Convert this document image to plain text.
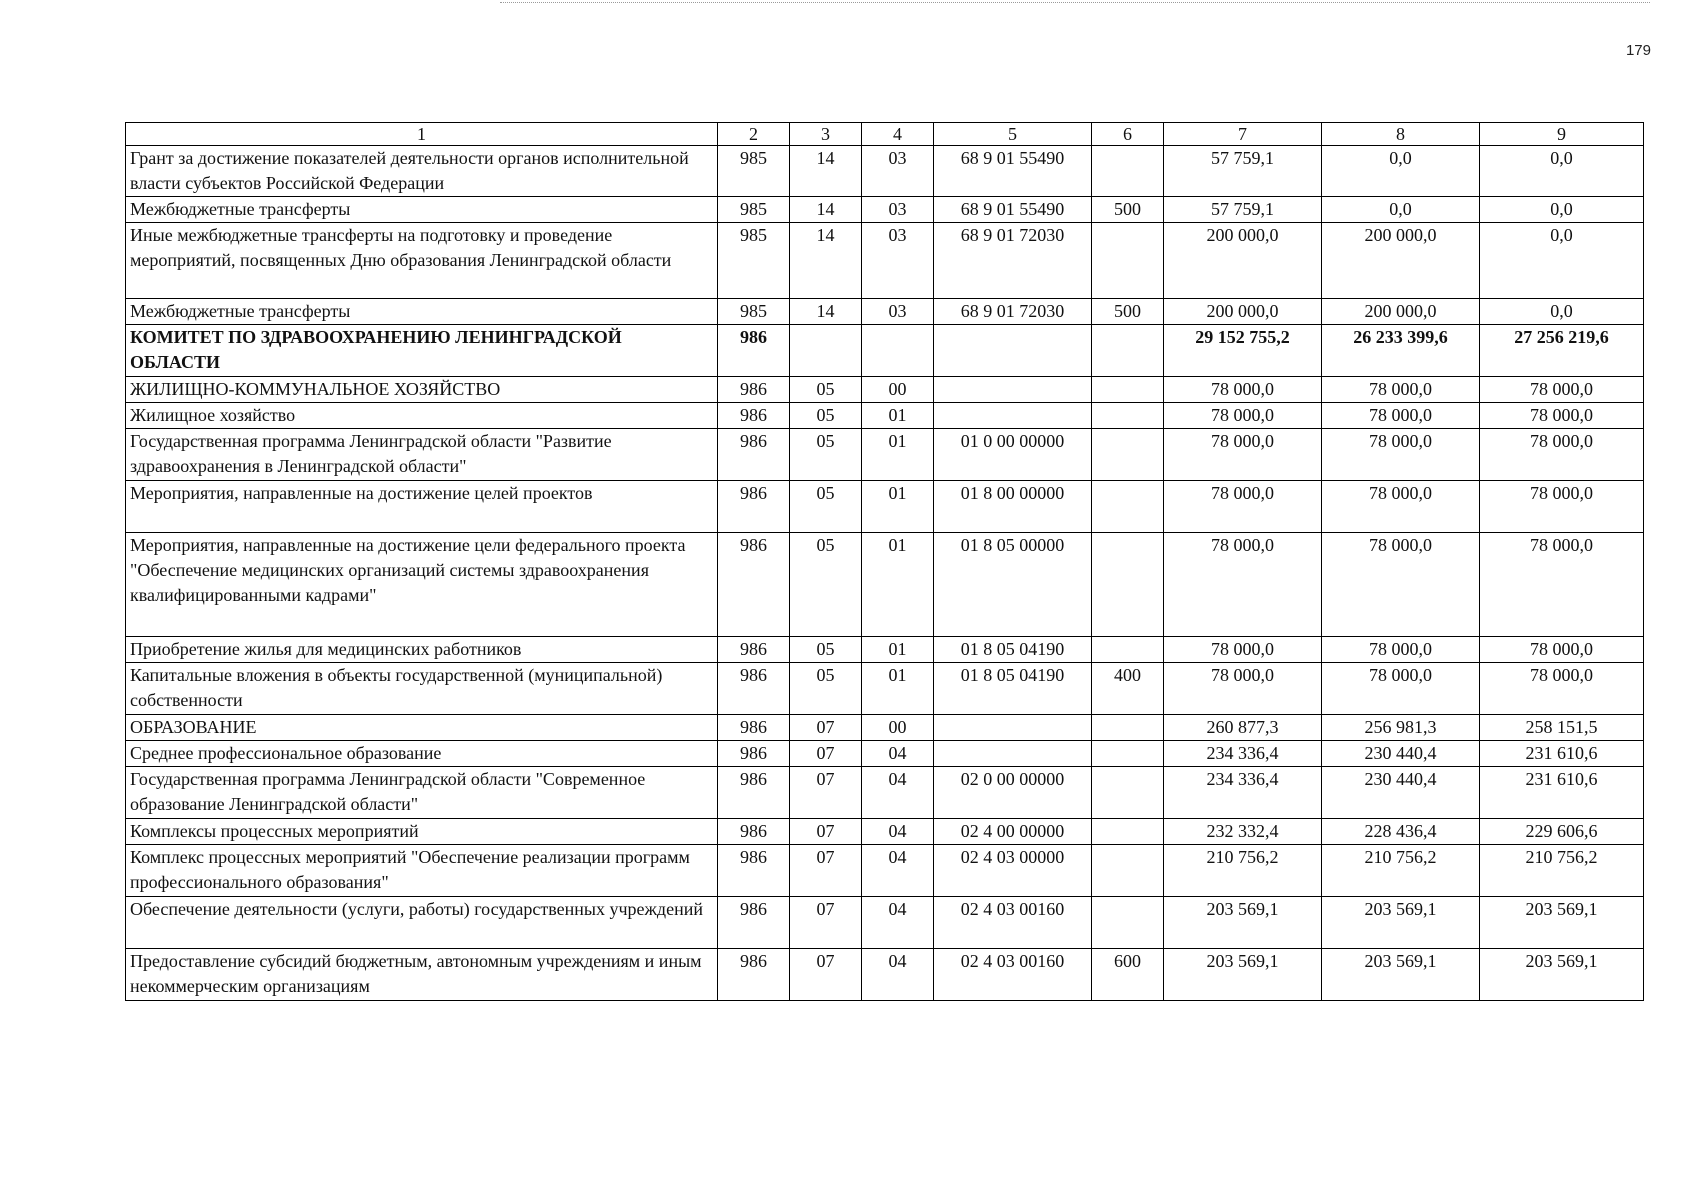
179
1	2	3	4	5	6	7	8	9
Грант за достижение показателей деятельности органов исполнительной власти субъектов Российской Федерации	985	14	03	68 9 01 55490		57 759,1	0,0	0,0
Межбюджетные трансферты	985	14	03	68 9 01 55490	500	57 759,1	0,0	0,0
Иные межбюджетные трансферты на подготовку и проведение мероприятий, посвященных Дню образования Ленинградской области	985	14	03	68 9 01 72030		200 000,0	200 000,0	0,0
Межбюджетные трансферты	985	14	03	68 9 01 72030	500	200 000,0	200 000,0	0,0
КОМИТЕТ ПО ЗДРАВООХРАНЕНИЮ ЛЕНИНГРАДСКОЙ ОБЛАСТИ	986					29 152 755,2	26 233 399,6	27 256 219,6
ЖИЛИЩНО-КОММУНАЛЬНОЕ ХОЗЯЙСТВО	986	05	00			78 000,0	78 000,0	78 000,0
Жилищное хозяйство	986	05	01			78 000,0	78 000,0	78 000,0
Государственная программа Ленинградской области "Развитие здравоохранения в Ленинградской области"	986	05	01	01 0 00 00000		78 000,0	78 000,0	78 000,0
Мероприятия, направленные на достижение целей проектов	986	05	01	01 8 00 00000		78 000,0	78 000,0	78 000,0
Мероприятия, направленные на достижение цели федерального проекта "Обеспечение медицинских организаций системы здравоохранения квалифицированными кадрами"	986	05	01	01 8 05 00000		78 000,0	78 000,0	78 000,0
Приобретение жилья для медицинских работников	986	05	01	01 8 05 04190		78 000,0	78 000,0	78 000,0
Капитальные вложения в объекты государственной (муниципальной) собственности	986	05	01	01 8 05 04190	400	78 000,0	78 000,0	78 000,0
ОБРАЗОВАНИЕ	986	07	00			260 877,3	256 981,3	258 151,5
Среднее профессиональное образование	986	07	04			234 336,4	230 440,4	231 610,6
Государственная программа Ленинградской области "Современное образование Ленинградской области"	986	07	04	02 0 00 00000		234 336,4	230 440,4	231 610,6
Комплексы процессных мероприятий	986	07	04	02 4 00 00000		232 332,4	228 436,4	229 606,6
Комплекс процессных мероприятий "Обеспечение реализации программ профессионального образования"	986	07	04	02 4 03 00000		210 756,2	210 756,2	210 756,2
Обеспечение деятельности (услуги, работы) государственных учреждений	986	07	04	02 4 03 00160		203 569,1	203 569,1	203 569,1
Предоставление субсидий бюджетным, автономным учреждениям и иным некоммерческим организациям	986	07	04	02 4 03 00160	600	203 569,1	203 569,1	203 569,1
